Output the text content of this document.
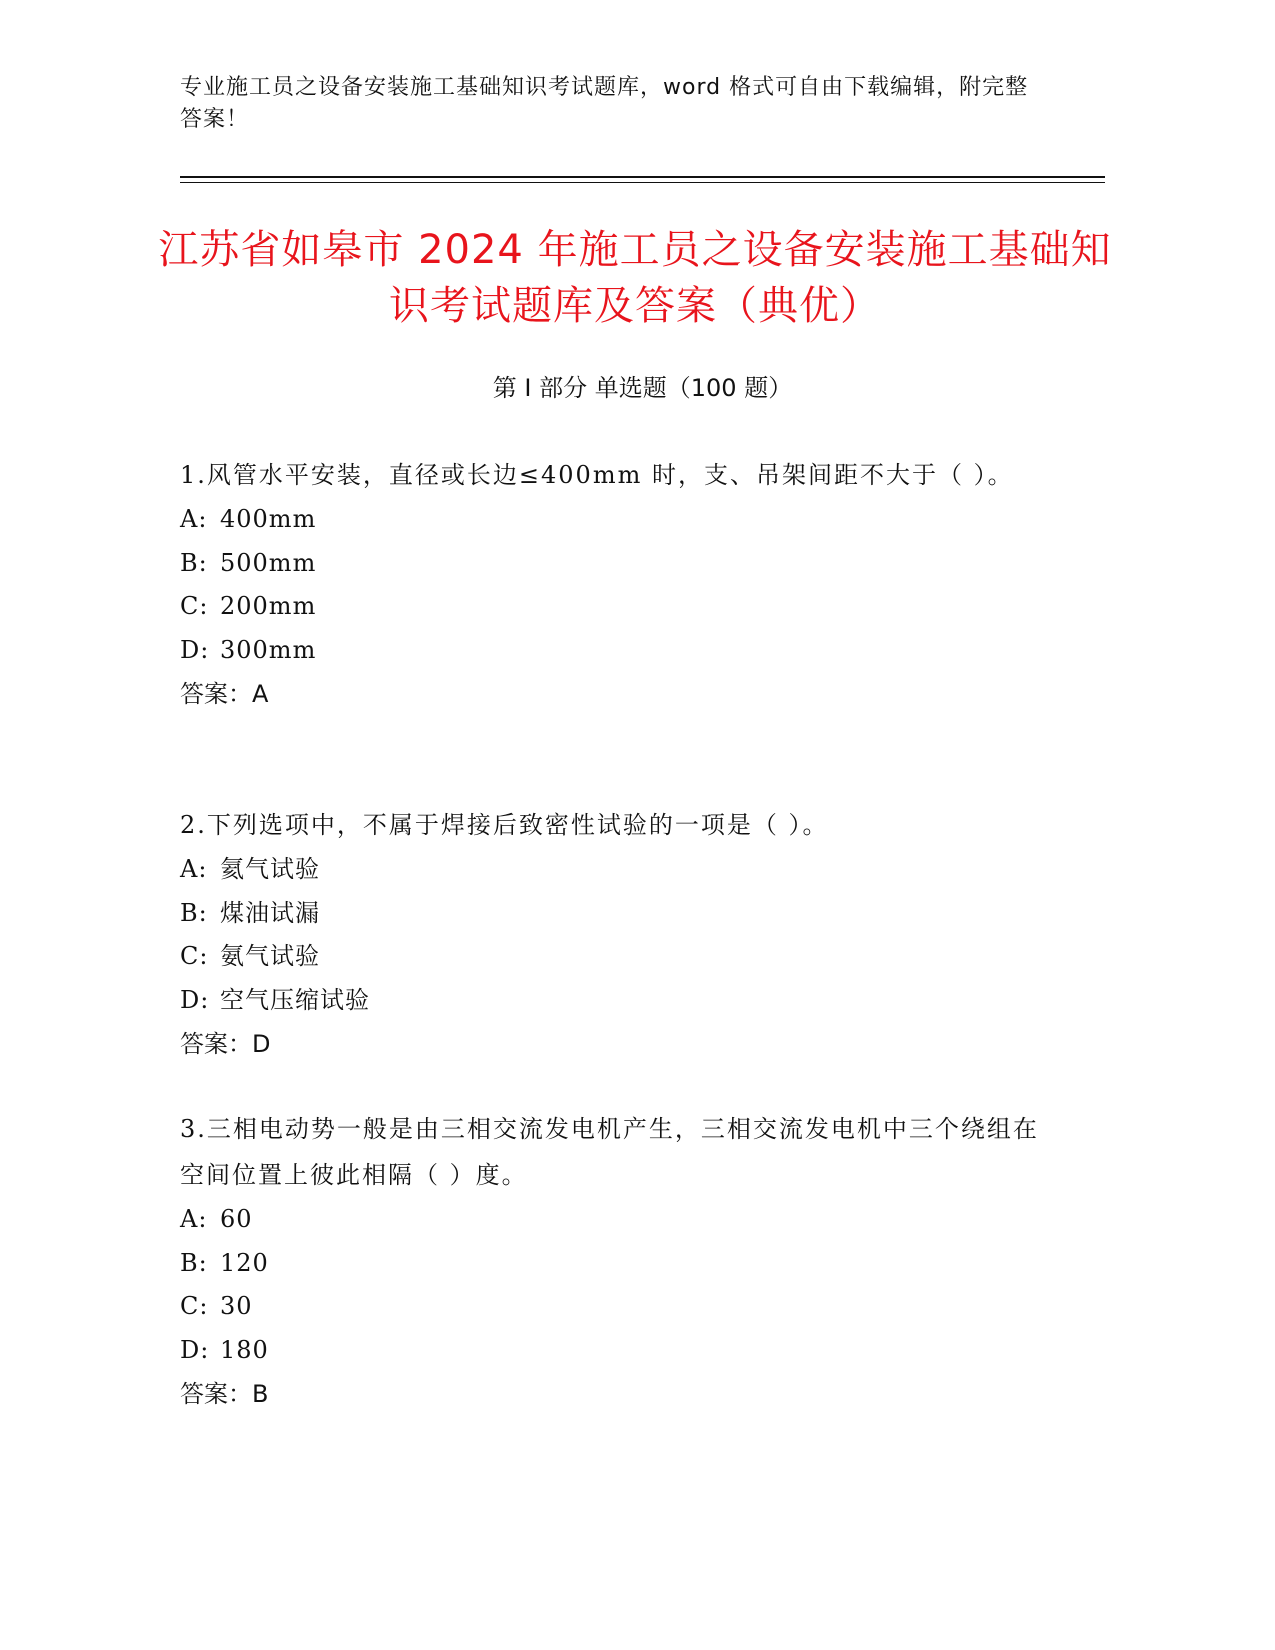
专业施工员之设备安装施工基础知识考试题库，word 格式可自由下载编辑，附完整答案！
江苏省如皋市 2024 年施工员之设备安装施工基础知识考试题库及答案（典优）
第 I 部分 单选题（100 题）

1.风管水平安装，直径或长边≤400mm 时，支、吊架间距不大于（ ）。

A: 400mm

B: 500mm

C: 200mm

D: 300mm

答案：A

2.下列选项中，不属于焊接后致密性试验的一项是（ ）。

A: 氦气试验

B: 煤油试漏

C: 氨气试验

D: 空气压缩试验

答案：D

3.三相电动势一般是由三相交流发电机产生，三相交流发电机中三个绕组在空间位置上彼此相隔（ ）度。

A: 60

B: 120

C: 30

D: 180

答案：B
